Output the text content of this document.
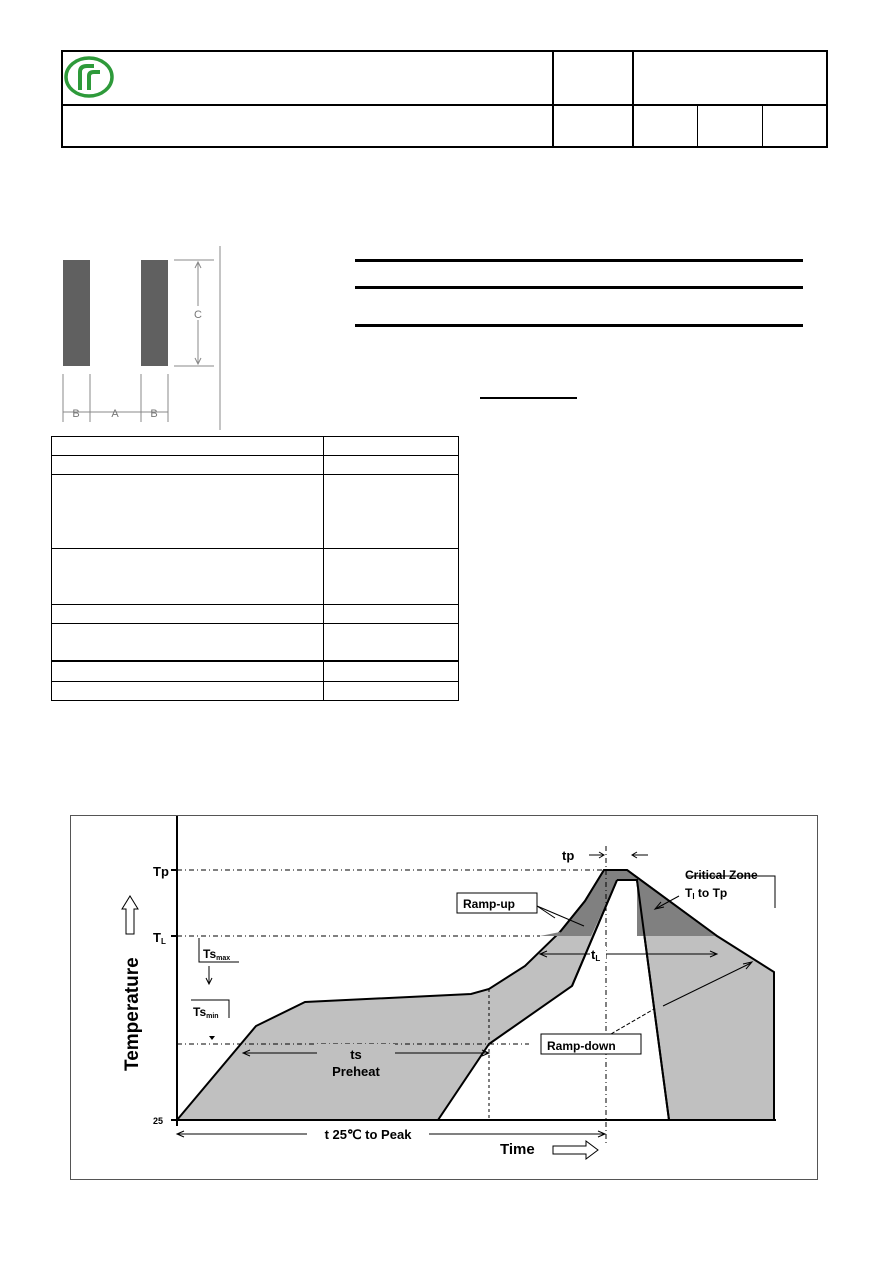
C
B	A	B
Tp
TL
25
Temperature
tp
Critical Zone
Tl to Tp
Ramp-up
tL
Ramp-down
Tsmax
Tsmin
ts
Preheat
t 25℃ to Peak
Time
